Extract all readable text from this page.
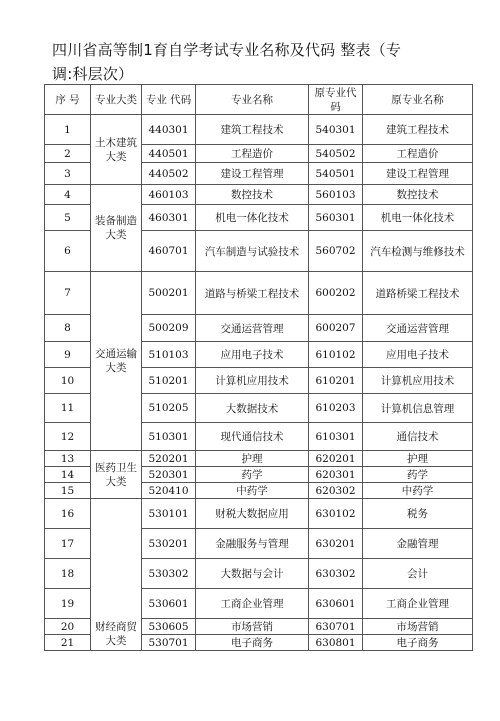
四川省高等制1育自学考试专业名称及代码 整表（专
调:科层次）
序 号	专业大类	专业 代码	专业名称	原专业代码	原专业名称
1	土木建筑大类	440301	建筑工程技术	540301	建筑工程技术
2		440501	工程造价	540502	工程造价
3		440502	建设工程管理	540501	建设工程管理
4	装备制造大类	460103	数控技术	560103	数控技术
5		460301	机电一体化技术	560301	机电一体化技术
6		460701	汽车制造与试验技术	560702	汽车检测与维修技术
7	交通运输大类	500201	道路与桥梁工程技术	600202	道路桥梁工程技术
8		500209	交通运营管理	600207	交通运营管理
9		510103	应用电子技术	610102	应用电子技术
10		510201	计算机应用技术	610201	计算机应用技术
11		510205	大数据技术	610203	计算机信息管理
12		510301	现代通信技术	610301	通信技术
13	医药卫生大类	520201	护理	620201	护理
14		520301	药学	620301	药学
15		520410	中药学	620302	中药学
16	财经商贸大类	530101	财税大数据应用	630102	税务
17		530201	金融服务与管理	630201	金融管理
18		530302	大数据与会计	630302	会计
19		530601	工商企业管理	630601	工商企业管理
20		530605	市场营销	630701	市场营销
21		530701	电子商务	630801	电子商务
